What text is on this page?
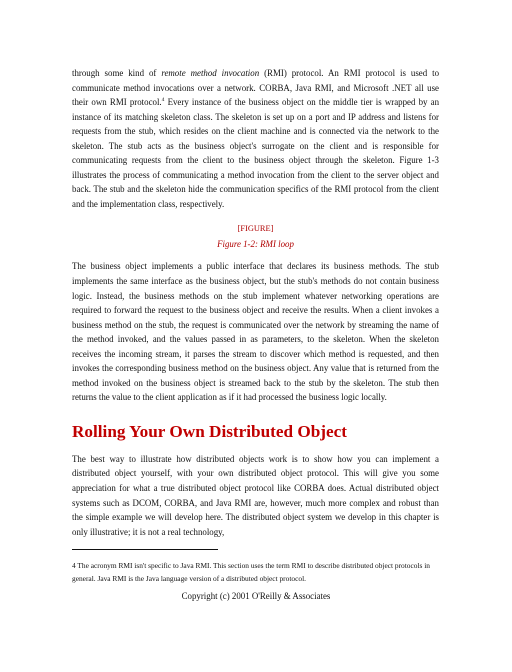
through some kind of remote method invocation (RMI) protocol. An RMI protocol is used to communicate method invocations over a network. CORBA, Java RMI, and Microsoft .NET all use their own RMI protocol.$^4$ Every instance of the business object on the middle tier is wrapped by an instance of its matching skeleton class. The skeleton is set up on a port and IP address and listens for requests from the stub, which resides on the client machine and is connected via the network to the skeleton. The stub acts as the business object's surrogate on the client and is responsible for communicating requests from the client to the business object through the skeleton. Figure 1-3 illustrates the process of communicating a method invocation from the client to the server object and back. The stub and the skeleton hide the communication specifics of the RMI protocol from the client and the implementation class, respectively.

[FIGURE]
Figure 1-2: RMI loop

The business object implements a public interface that declares its business methods. The stub implements the same interface as the business object, but the stub's methods do not contain business logic. Instead, the business methods on the stub implement whatever networking operations are required to forward the request to the business object and receive the results. When a client invokes a business method on the stub, the request is communicated over the network by streaming the name of the method invoked, and the values passed in as parameters, to the skeleton. When the skeleton receives the incoming stream, it parses the stream to discover which method is requested, and then invokes the corresponding business method on the business object. Any value that is returned from the method invoked on the business object is streamed back to the stub by the skeleton. The stub then returns the value to the client application as if it had processed the business logic locally.

Rolling Your Own Distributed Object

The best way to illustrate how distributed objects work is to show how you can implement a distributed object yourself, with your own distributed object protocol. This will give you some appreciation for what a true distributed object protocol like CORBA does. Actual distributed object systems such as DCOM, CORBA, and Java RMI are, however, much more complex and robust than the simple example we will develop here. The distributed object system we develop in this chapter is only illustrative; it is not a real technology,

4 The acronym RMI isn't specific to Java RMI. This section uses the term RMI to describe distributed object protocols in general. Java RMI is the Java language version of a distributed object protocol.
Copyright (c) 2001 O'Reilly & Associates
